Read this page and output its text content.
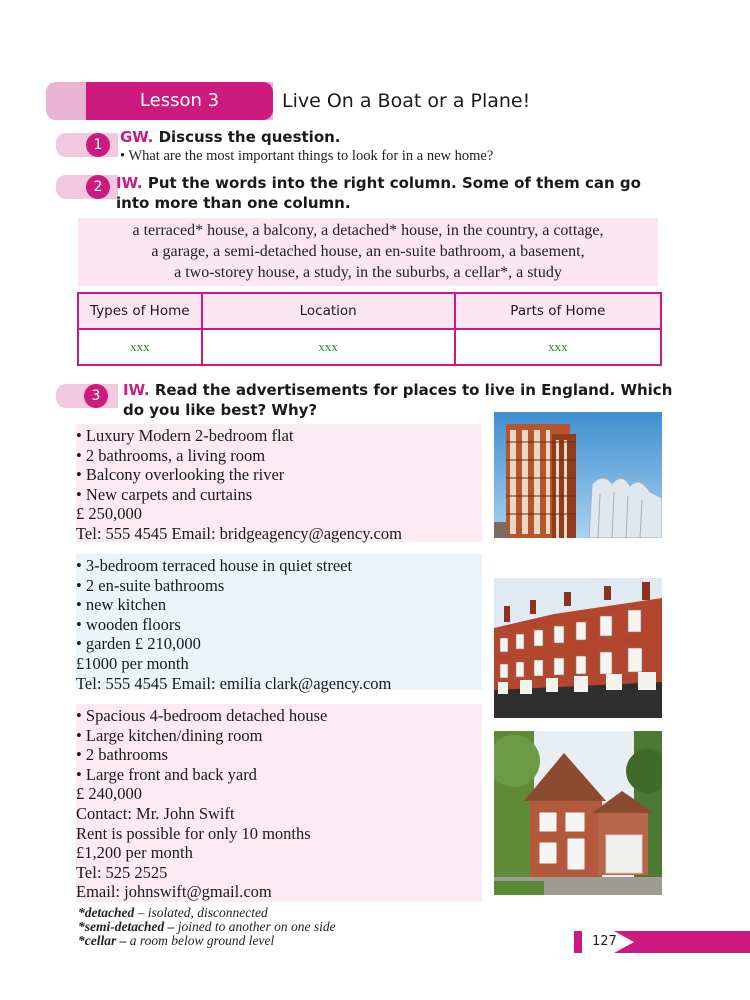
Lesson 3	Live On a Boat or a Plane!
1	GW. Discuss the question.
• What are the most important things to look for in a new home?
2 IW. Put the words into the right column. Some of them can go
into more than one column.
a terraced* house, a balcony, a detached* house, in the country, a cottage,
a garage, a semi-detached house, an en-suite bathroom, a basement,
a two-storey house, a study, in the suburbs, a cellar*, a study
Types of Home	Location	Parts of Home
xxx	xxx	xxx
3	IW. Read the advertisements for places to live in England. Which
do you like best? Why?
• Luxury Modern 2-bedroom flat
• 2 bathrooms, a living room
• Balcony overlooking the river
• New carpets and curtains
£ 250,000
Tel: 555 4545 Email: bridgeagency@agency.com
• 3-bedroom terraced house in quiet street
• 2 en-suite bathrooms
• new kitchen
• wooden floors
• garden £ 210,000
£1000 per month
Tel: 555 4545 Email: emilia clark@agency.com
• Spacious 4-bedroom detached house
• Large kitchen/dining room
• 2 bathrooms
• Large front and back yard
£ 240,000
Contact: Mr. John Swift
Rent is possible for only 10 months
£1,200 per month
Tel: 525 2525
Email: johnswift@gmail.com
*detached – isolated, disconnected
*semi-detached – joined to another on one side
*cellar – a room below ground level	127
